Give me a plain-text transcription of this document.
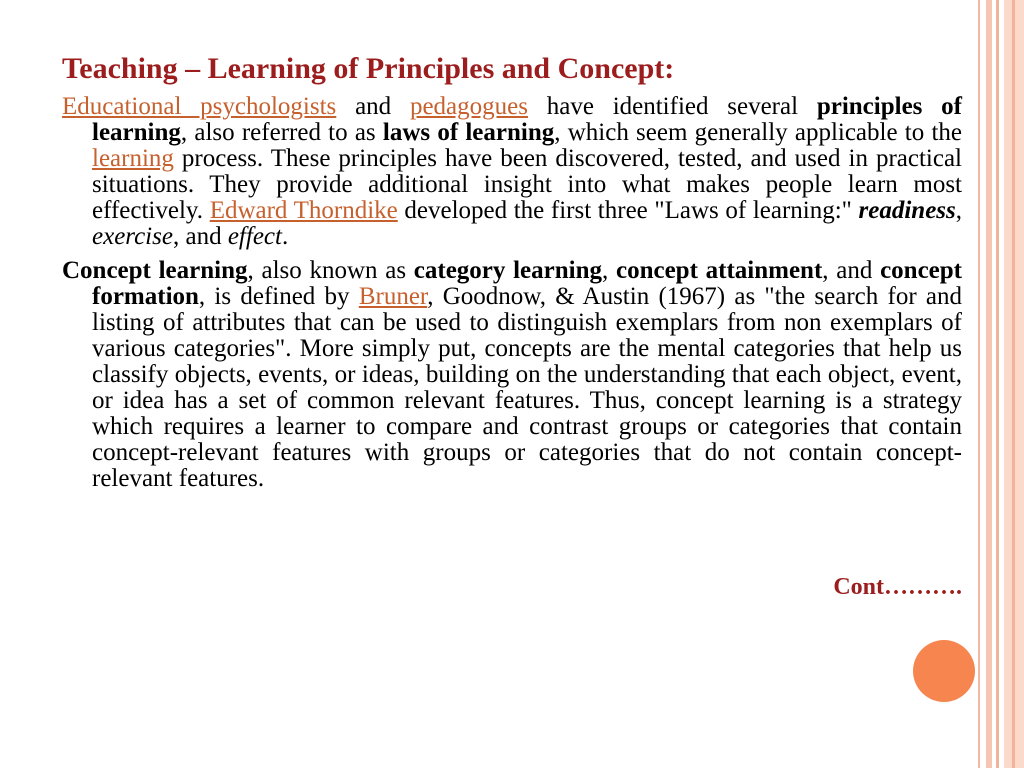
Teaching – Learning of Principles and Concept:

Educational psychologists and pedagogues have identified several principles of learning, also referred to as laws of learning, which seem generally applicable to the learning process. These principles have been discovered, tested, and used in practical situations. They provide additional insight into what makes people learn most effectively. Edward Thorndike developed the first three "Laws of learning:" readiness, exercise, and effect.

Concept learning, also known as category learning, concept attainment, and concept formation, is defined by Bruner, Goodnow, & Austin (1967) as "the search for and listing of attributes that can be used to distinguish exemplars from non exemplars of various categories". More simply put, concepts are the mental categories that help us classify objects, events, or ideas, building on the understanding that each object, event, or idea has a set of common relevant features. Thus, concept learning is a strategy which requires a learner to compare and contrast groups or categories that contain concept-relevant features with groups or categories that do not contain concept-relevant features.

Cont……….
